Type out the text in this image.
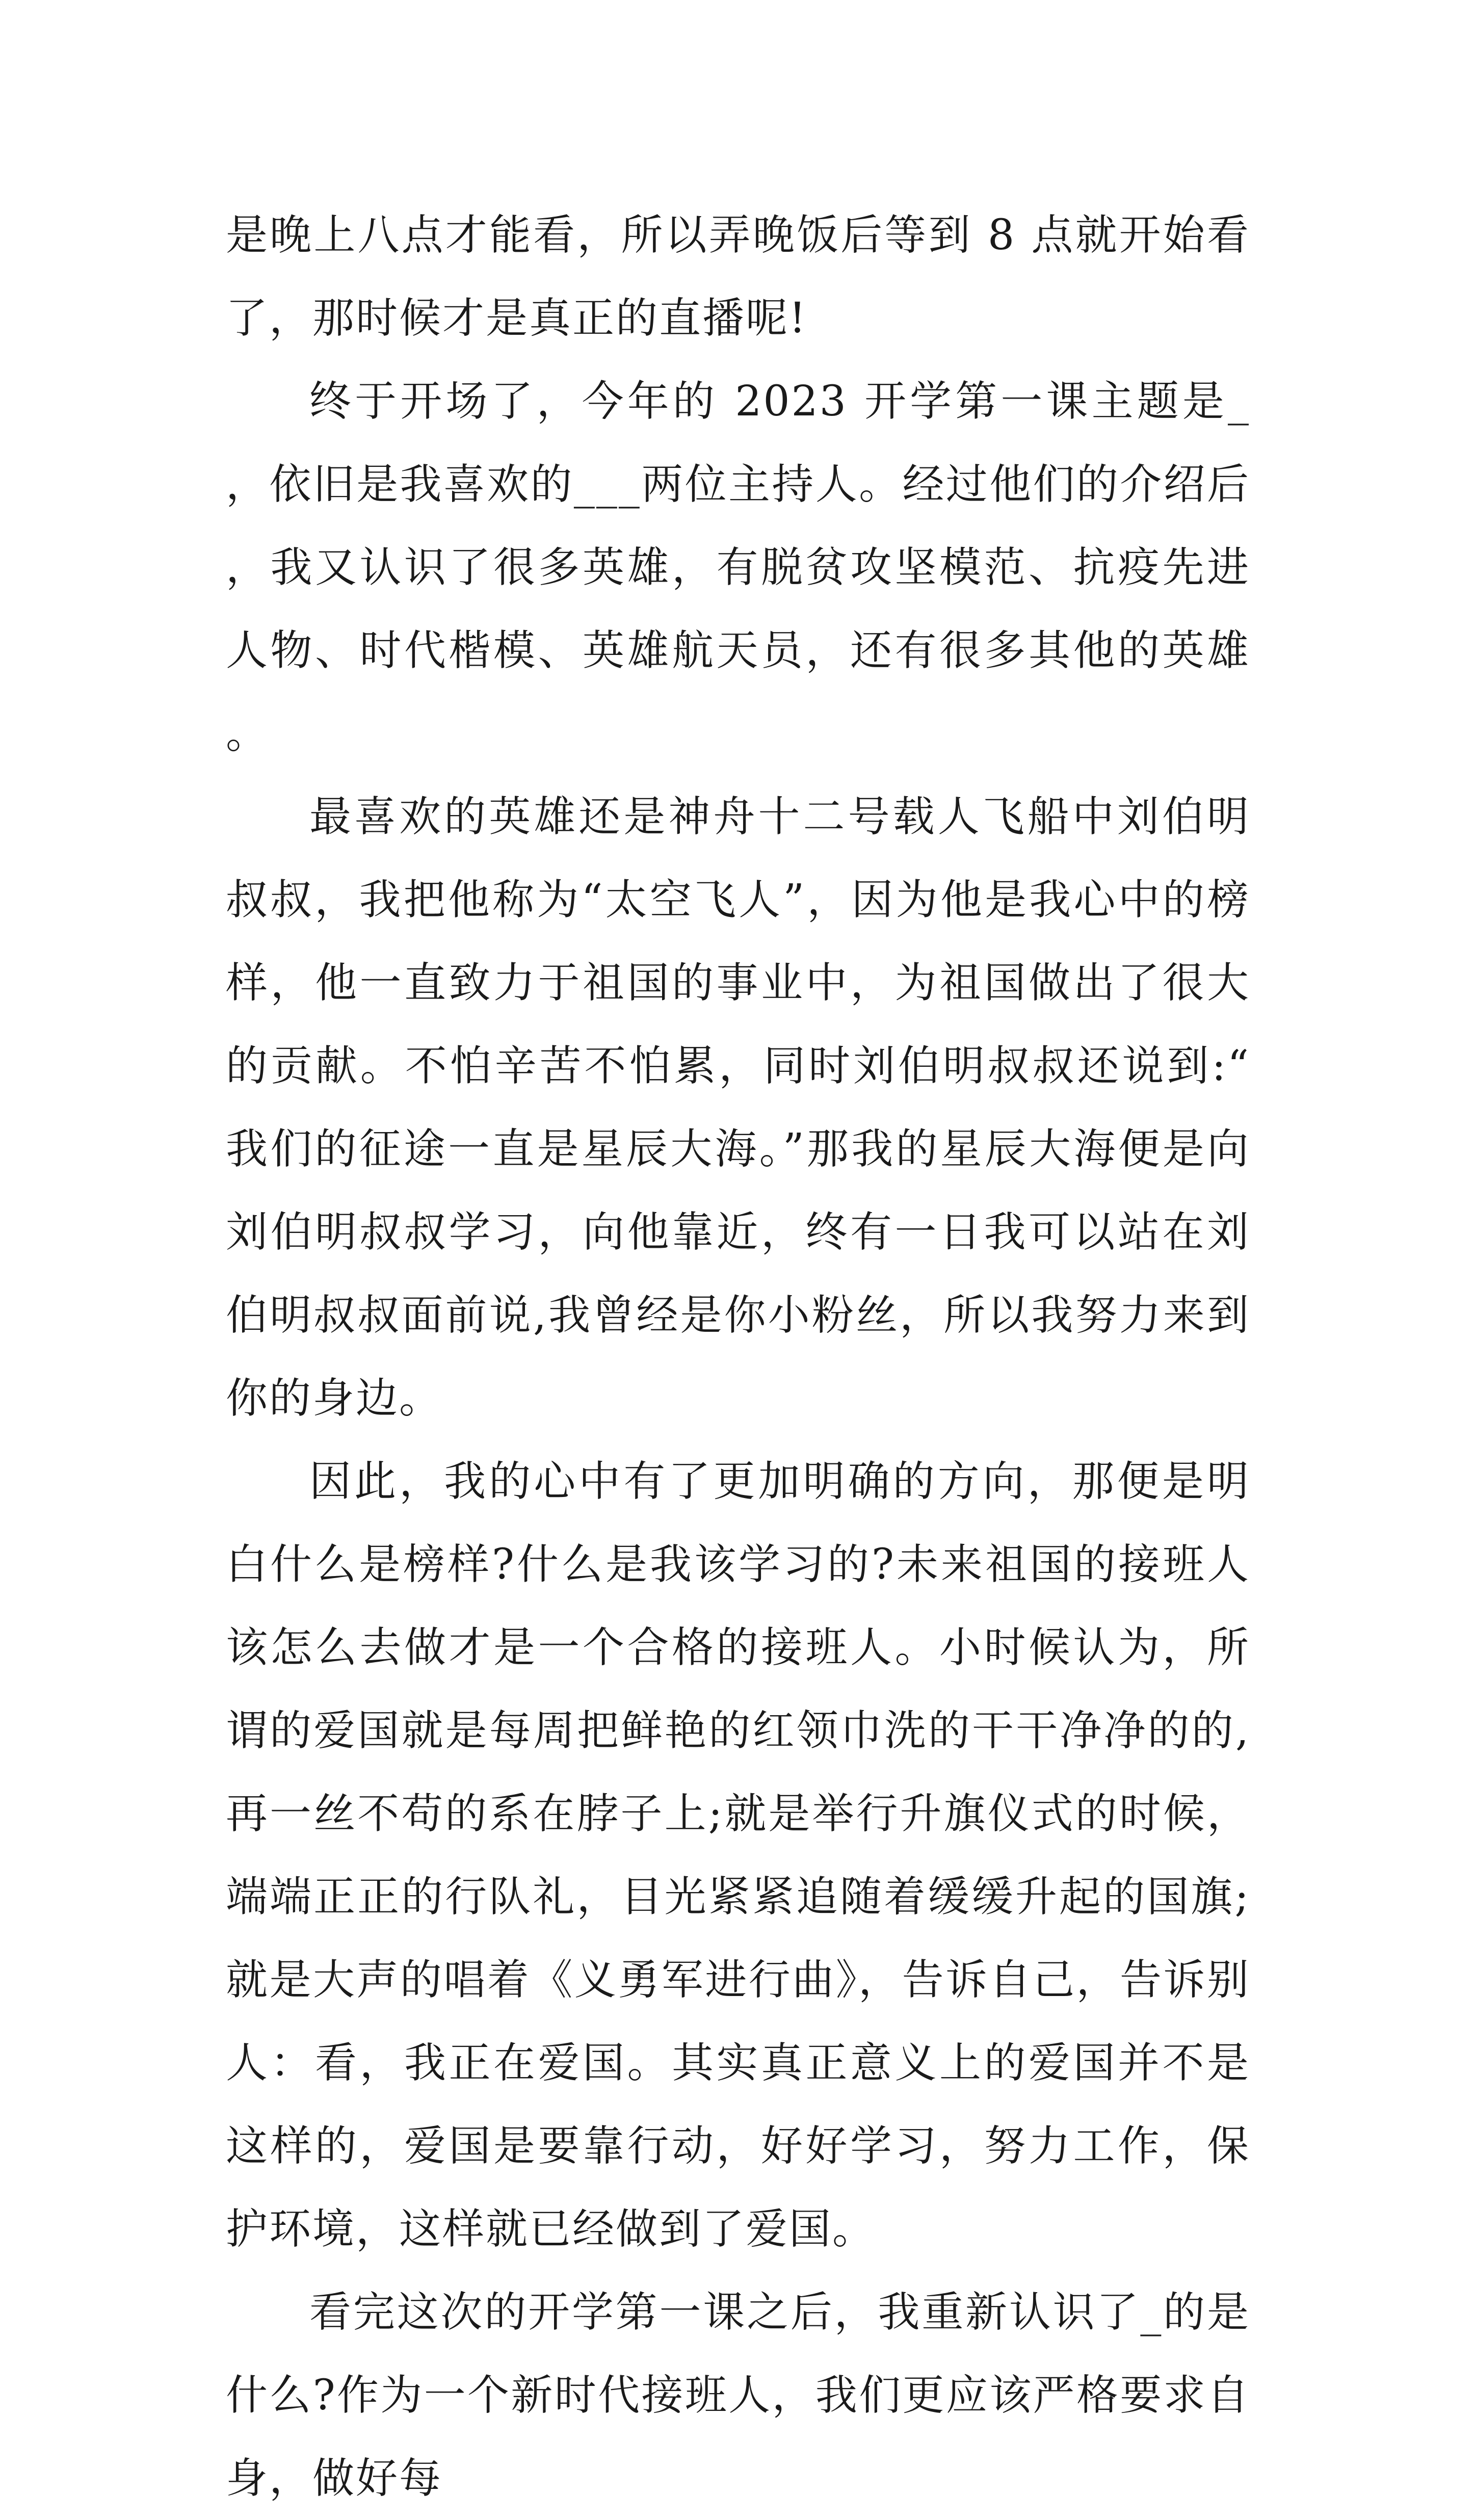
是晚上八点才能看，所以弄晚饭后等到 8 点就开始看了，那时候才是真正的直播呢!

终于开场了，今年的 2023 开学第一课主题是_，依旧是我喜欢的___两位主持人。经过他们的介绍后，我又认识了很多英雄，有脱贫攻坚模范、抗疫先进人物、时代楷模、英雄航天员，还有很多其他的英雄。

最喜欢的英雄还是神舟十二号载人飞船中刘伯明叔叔，我把他称为“太空飞人”，因为他是我心中的榜样，他一直致力于祖国的事业中，为祖国做出了很大的贡献。不怕辛苦不怕累，同时刘伯明叔叔还说到:“我们的征途一直是星辰大海。”那我的星辰大海便是向刘伯明叔叔学习，向他靠近，终有一日我可以站在刘伯明叔叔面前说,我曾经是你小粉丝，所以我努力来到你的身边。

因此，我的心中有了更加明确的方向，那便是明白什么是榜样?什么是我该学习的?未来祖国的接班人该怎么去做才是一个合格的接班人。小时候认为，所谓的爱国就是每周把鲜艳的红领巾洗的干干净净的的,再一丝不苟的系在脖子上;就是举行升旗仪式的时候，端端正正的行队礼，目光紧紧追随着缓缓升起的国旗;就是大声的唱着《义勇军进行曲》，告诉自己，告诉别人：看，我正在爱国。其实真正意义上的爱国并不是这样的，爱国是要靠行动，好好学习，努力工作，保护环境，这样就已经做到了爱国。

看完这次的开学第一课之后，我重新认识了_的是什么?作为一个新时代接班人，我们更应该严格要求自身，做好每
